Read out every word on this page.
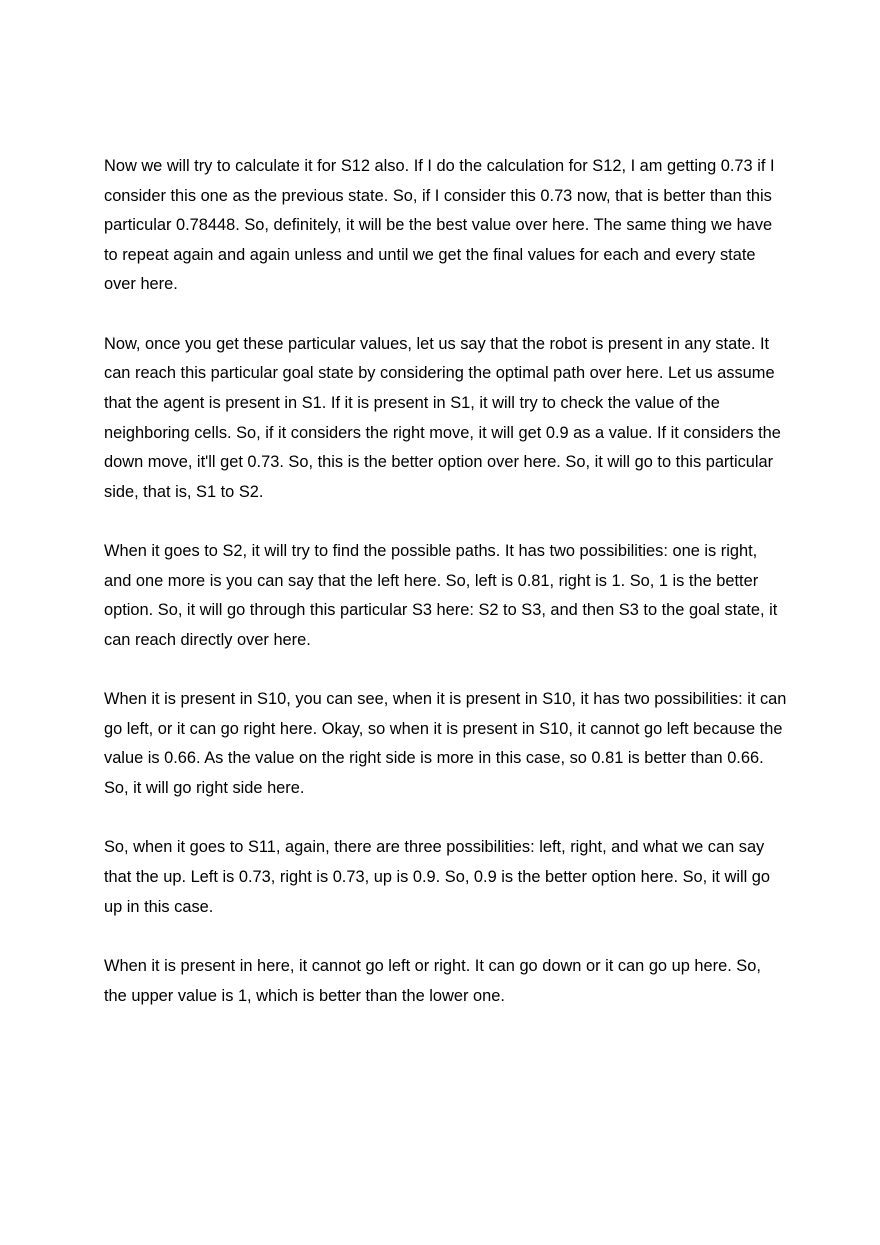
Now we will try to calculate it for S12 also. If I do the calculation for S12, I am getting 0.73 if I consider this one as the previous state. So, if I consider this 0.73 now, that is better than this particular 0.78448. So, definitely, it will be the best value over here. The same thing we have to repeat again and again unless and until we get the final values for each and every state over here.

Now, once you get these particular values, let us say that the robot is present in any state. It can reach this particular goal state by considering the optimal path over here. Let us assume that the agent is present in S1. If it is present in S1, it will try to check the value of the neighboring cells. So, if it considers the right move, it will get 0.9 as a value. If it considers the down move, it'll get 0.73. So, this is the better option over here. So, it will go to this particular side, that is, S1 to S2.

When it goes to S2, it will try to find the possible paths. It has two possibilities: one is right, and one more is you can say that the left here. So, left is 0.81, right is 1. So, 1 is the better option. So, it will go through this particular S3 here: S2 to S3, and then S3 to the goal state, it can reach directly over here.

When it is present in S10, you can see, when it is present in S10, it has two possibilities: it can go left, or it can go right here. Okay, so when it is present in S10, it cannot go left because the value is 0.66. As the value on the right side is more in this case, so 0.81 is better than 0.66. So, it will go right side here.

So, when it goes to S11, again, there are three possibilities: left, right, and what we can say that the up. Left is 0.73, right is 0.73, up is 0.9. So, 0.9 is the better option here. So, it will go up in this case.

When it is present in here, it cannot go left or right. It can go down or it can go up here. So, the upper value is 1, which is better than the lower one.
